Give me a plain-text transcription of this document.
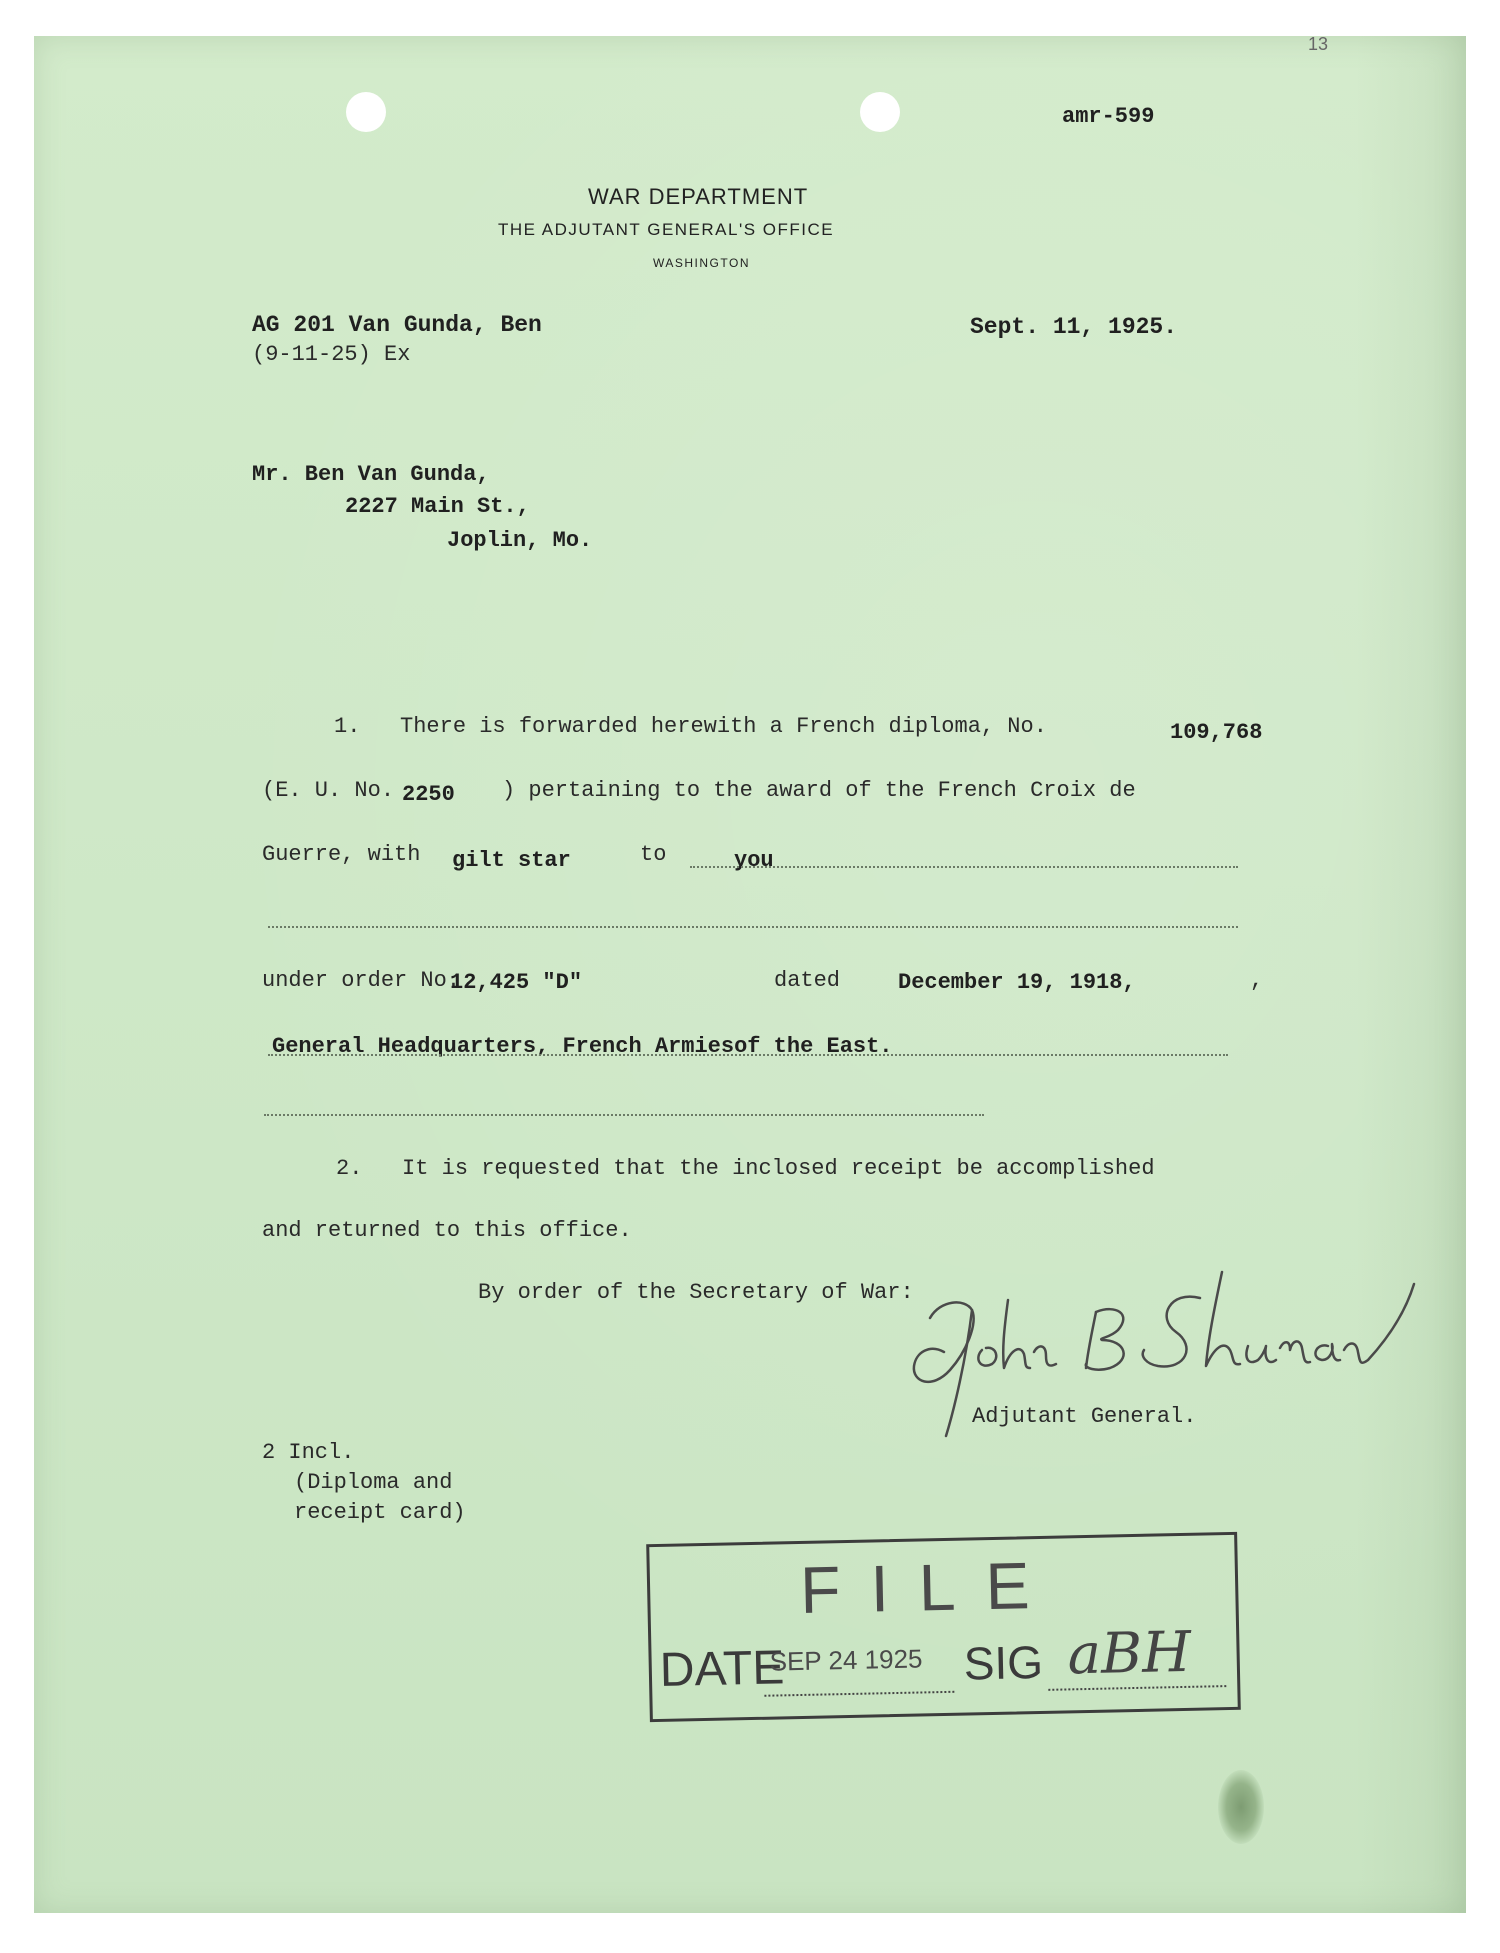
13
amr-599
WAR DEPARTMENT
THE ADJUTANT GENERAL'S OFFICE
WASHINGTON
AG 201 Van Gunda, Ben
(9-11-25) Ex
Sept. 11, 1925.
Mr. Ben Van Gunda,
2227 Main St.,
Joplin, Mo.
1.   There is forwarded herewith a French diploma, No.	109,768
(E. U. No. 2250 ) pertaining to the award of the French Croix de
Guerre, with gilt star	to	you
under order No.
12,425 "D"	dated	December 19, 1918,	,
General Headquarters, French Armiesof the East.
2.   It is requested that the inclosed receipt be accomplished
and returned to this office.
By order of the Secretary of War:
Adjutant General.
2 Incl.
(Diploma and
receipt card)
FILE
DATE
SEP 24 1925 SIG aBH
